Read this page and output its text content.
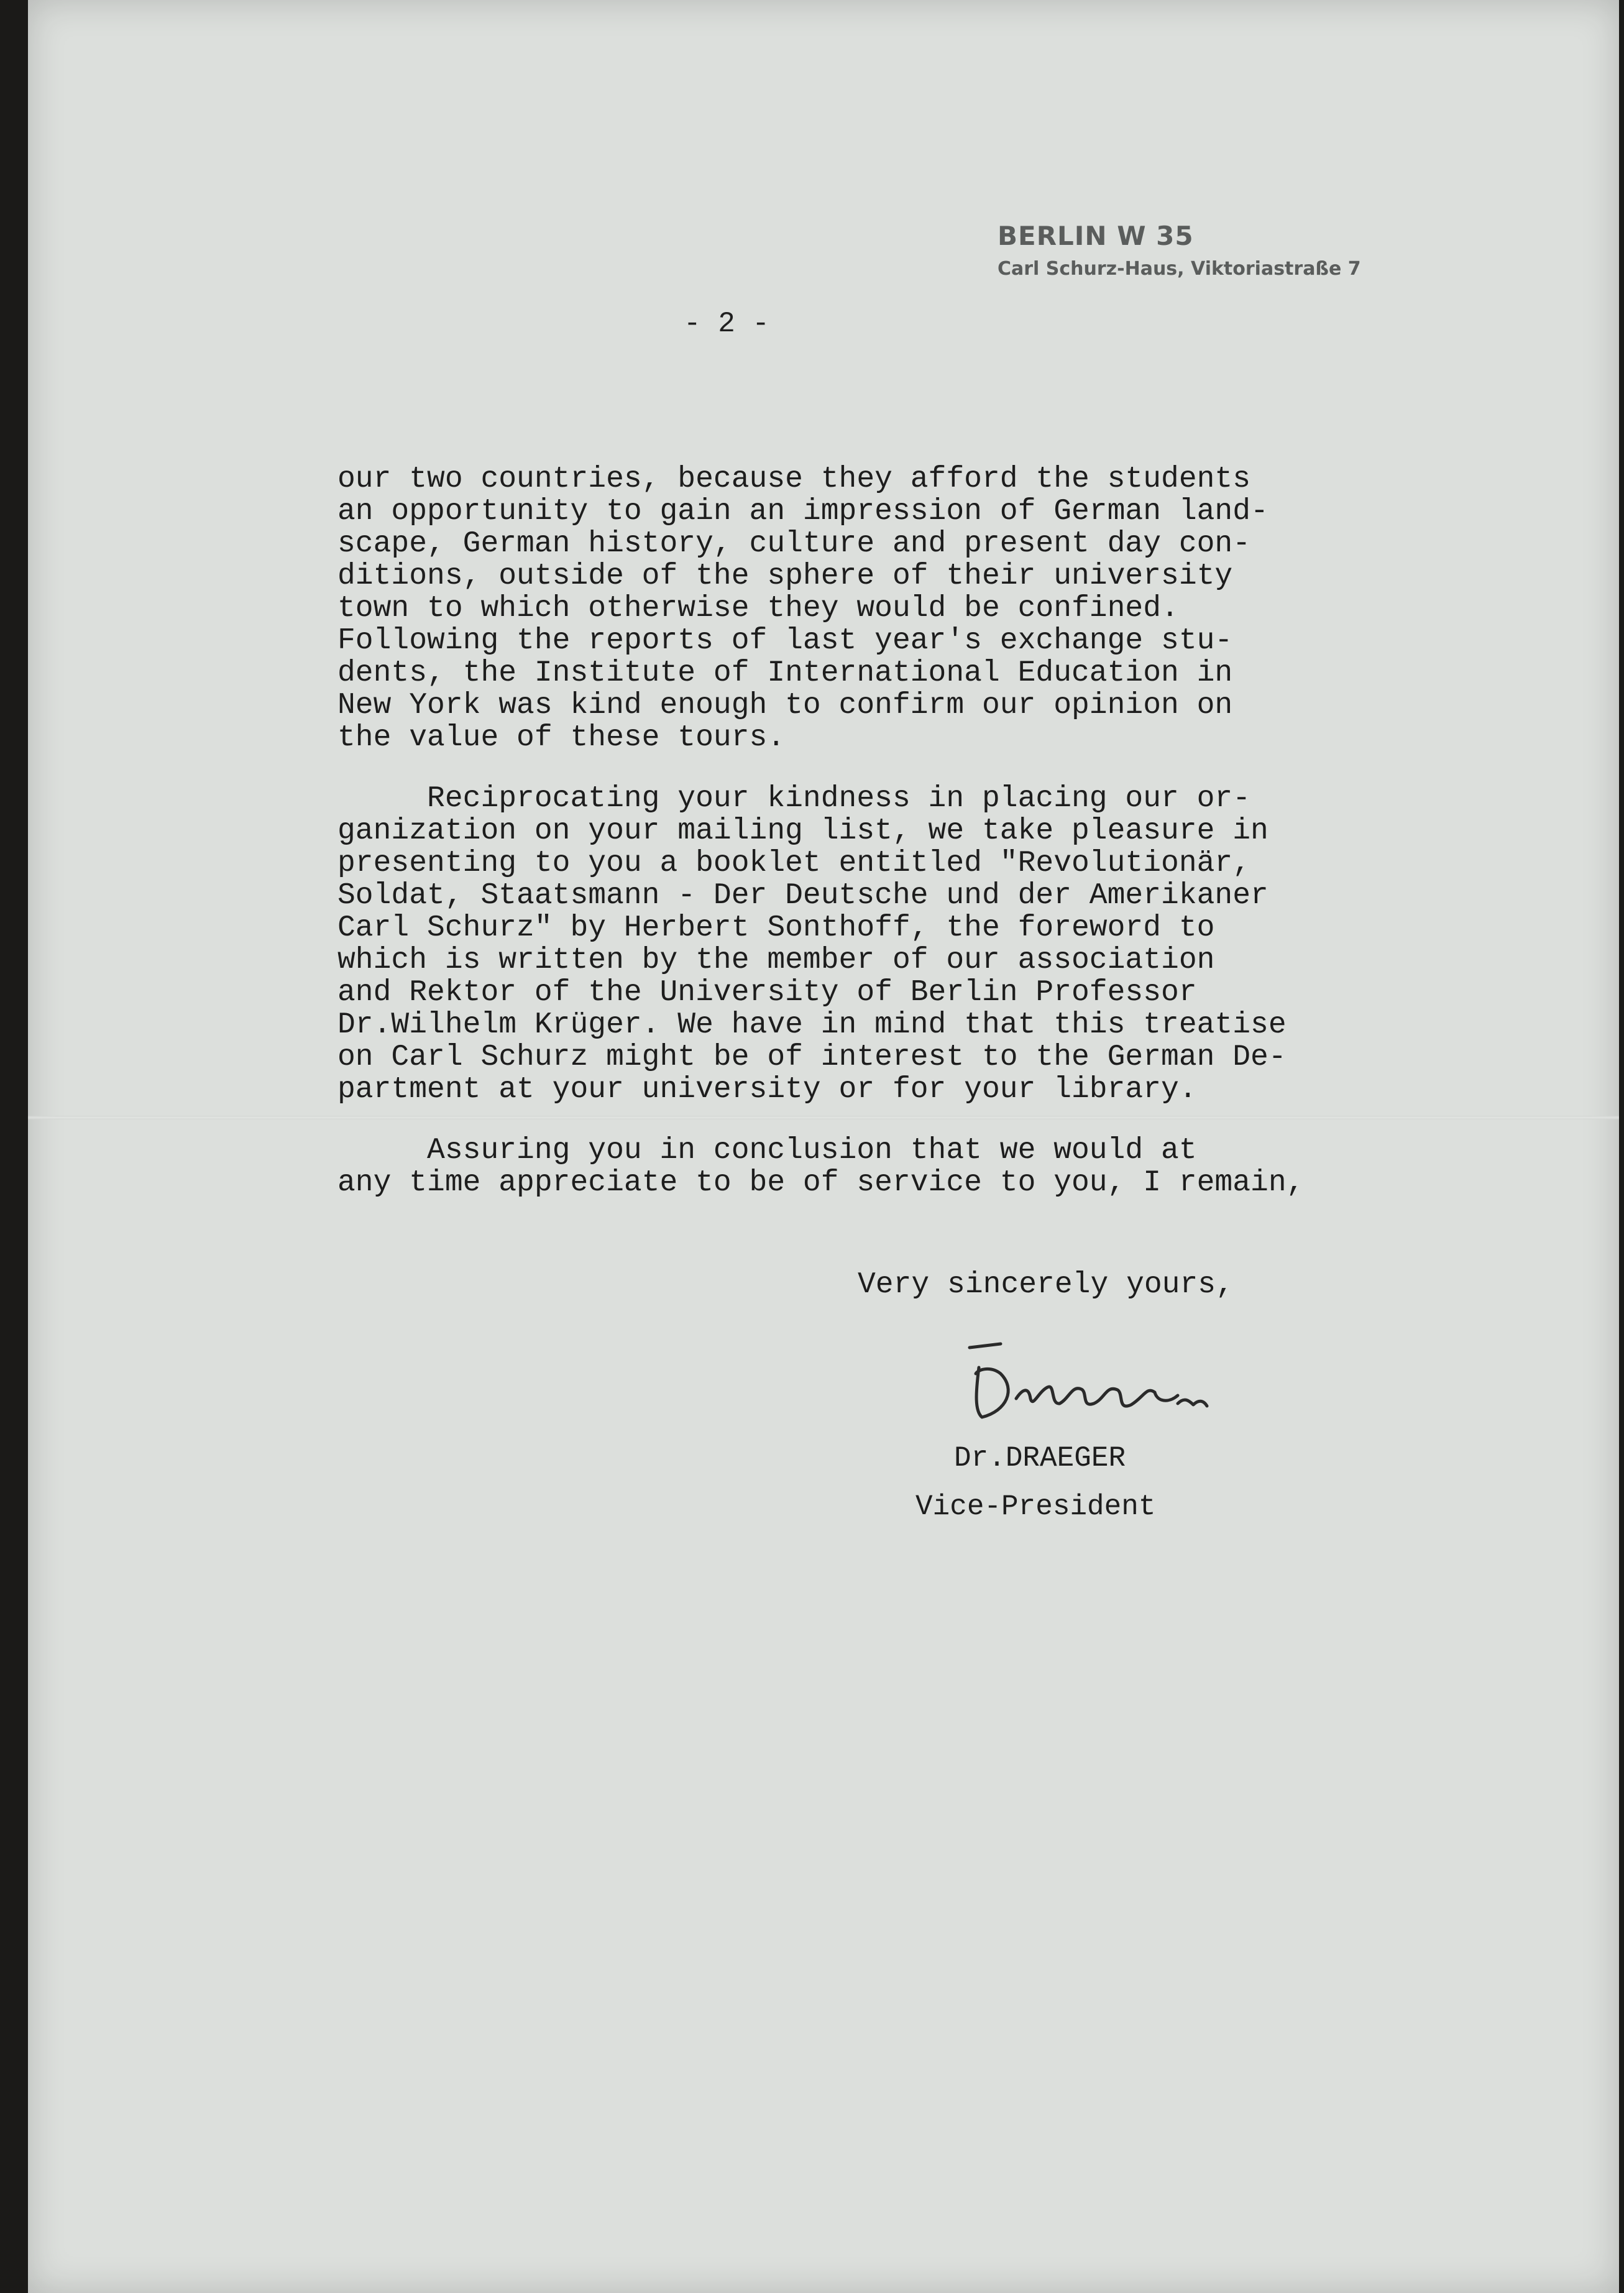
BERLIN W 35
Carl Schurz-Haus, Viktoriastraße 7
- 2 -
our two countries, because they afford the students
an opportunity to gain an impression of German land-
scape, German history, culture and present day con-
ditions, outside of the sphere of their university
town to which otherwise they would be confined.
Following the reports of last year's exchange stu-
dents, the Institute of International Education in
New York was kind enough to confirm our opinion on
the value of these tours.
Reciprocating your kindness in placing our or-
ganization on your mailing list, we take pleasure in
presenting to you a booklet entitled "Revolutionär,
Soldat, Staatsmann - Der Deutsche und der Amerikaner
Carl Schurz" by Herbert Sonthoff, the foreword to
which is written by the member of our association
and Rektor of the University of Berlin Professor
Dr.Wilhelm Krüger. We have in mind that this treatise
on Carl Schurz might be of interest to the German De-
partment at your university or for your library.
Assuring you in conclusion that we would at
any time appreciate to be of service to you, I remain,
Very sincerely yours,
Dr.DRAEGER
Vice-President
